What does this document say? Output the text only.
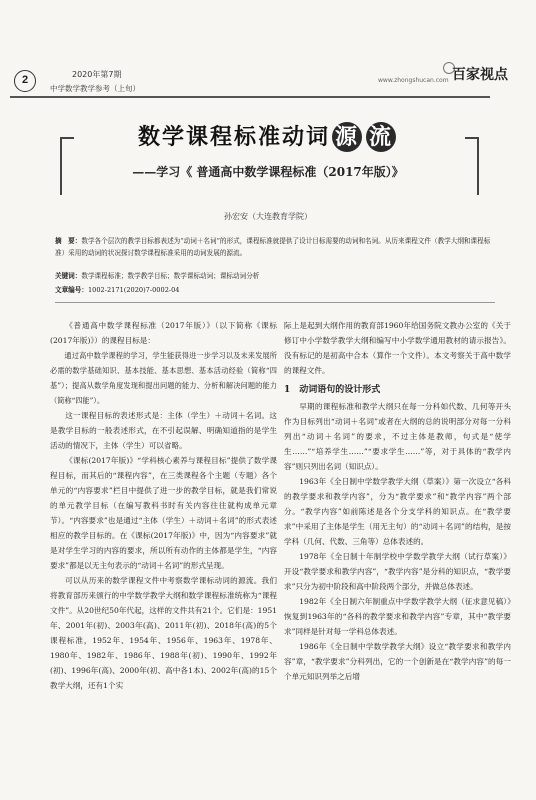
2	2020年第7期
中学数学教学参考（上旬）
www.zhongshucan.com 百家视点
数学课程标准动词 源 流
——学习《 普通高中数学课程标准（2017年版）》
孙宏安（大连教育学院）
摘　要：数学各个层次的教学目标都表述为“动词＋名词”的形式，课程标准就提供了设计目标需要的动词和名词。从历来课程文件（教学大纲和课程标准）采用的动词的状况探讨数学课程标准采用的动词发展的源流。
关键词：数学课程标准；数学教学目标；数学课标动词；课标动词分析
文章编号：1002-2171(2020)7-0002-04

《普通高中数学课程标准（2017年版）》（以下简称《课标(2017年版)》）的课程目标是：

通过高中数学课程的学习，学生能获得进一步学习以及未来发展所必需的数学基础知识、基本技能、基本思想、基本活动经验（简称“四基”）；提高从数学角度发现和提出问题的能力、分析和解决问题的能力（简称“四能”）。

这一课程目标的表述形式是：主体（学生）＋动词＋名词。这是教学目标的一般表述形式，在不引起误解、明确知道指的是学生活动的情况下，主体（学生）可以省略。

《课标(2017年版)》“学科核心素养与课程目标”提供了数学课程目标，而其后的“课程内容”，在三类课程各个主题（专题）各个单元的“内容要求”栏目中提供了进一步的教学目标，就是我们常说的单元教学目标（在编写教科书时有关内容往往就构成单元章节）。“内容要求”也是通过“主体（学生）＋动词＋名词”的形式表述相应的教学目标的。在《课标(2017年版)》中，因为“内容要求”就是对学生学习的内容的要求，所以所有动作的主体都是学生，“内容要求”都是以无主句表示的“动词＋名词”的形式呈现。

可以从历来的数学课程文件中考察数学课标动词的源流。我们将教育部历来颁行的中学数学教学大纲和数学课程标准统称为“课程文件”。从20世纪50年代起，这样的文件共有21个。它们是：1951年、2001年(初)、2003年(高)、2011年(初)、2018年(高)的5个课程标准，1952年、1954年、1956年、1963年、1978年、1980年、1982年、1986年、1988年(初)、1990年、1992年(初)、1996年(高)、2000年(初、高中各1本)、2002年(高)的15个教学大纲，还有1个实

际上是起到大纲作用的教育部1960年给国务院文教办公室的《关于修订中小学数学教学大纲和编写中小学数学通用教材的请示报告》。没有标记的是初高中合本（算作一个文件）。本文考察关于高中数学的课程文件。

1　动词语句的设计形式

早期的课程标准和教学大纲只在每一分科如代数、几何等开头作为目标列出“动词＋名词”或者在大纲的总的说明部分对每一分科列出“动词＋名词”的要求，不过主体是教师，句式是“使学生……”“培养学生……”“要求学生……”等，对于具体的“教学内容”则只列出名词（知识点）。

1963年《全日制中学数学教学大纲（草案）》第一次设立“各科的教学要求和教学内容”，分为“教学要求”和“教学内容”两个部分。“教学内容”如前陈述是各个分支学科的知识点。在“教学要求”中采用了主体是学生（用无主句）的“动词＋名词”的结构，是按学科（几何、代数、三角等）总体表述的。

1978年《全日制十年制学校中学数学教学大纲（试行草案）》开设“教学要求和教学内容”，“教学内容”是分科的知识点，“教学要求”只分为初中阶段和高中阶段两个部分，并做总体表述。

1982年《全日制六年制重点中学数学教学大纲（征求意见稿）》恢复到1963年的“各科的教学要求和教学内容”专章，其中“教学要求”同样是针对每一学科总体表述。

1986年《全日制中学数学教学大纲》设立“教学要求和教学内容”章，“教学要求”分科列出，它的一个创新是在“教学内容”的每一个单元知识列举之后增
